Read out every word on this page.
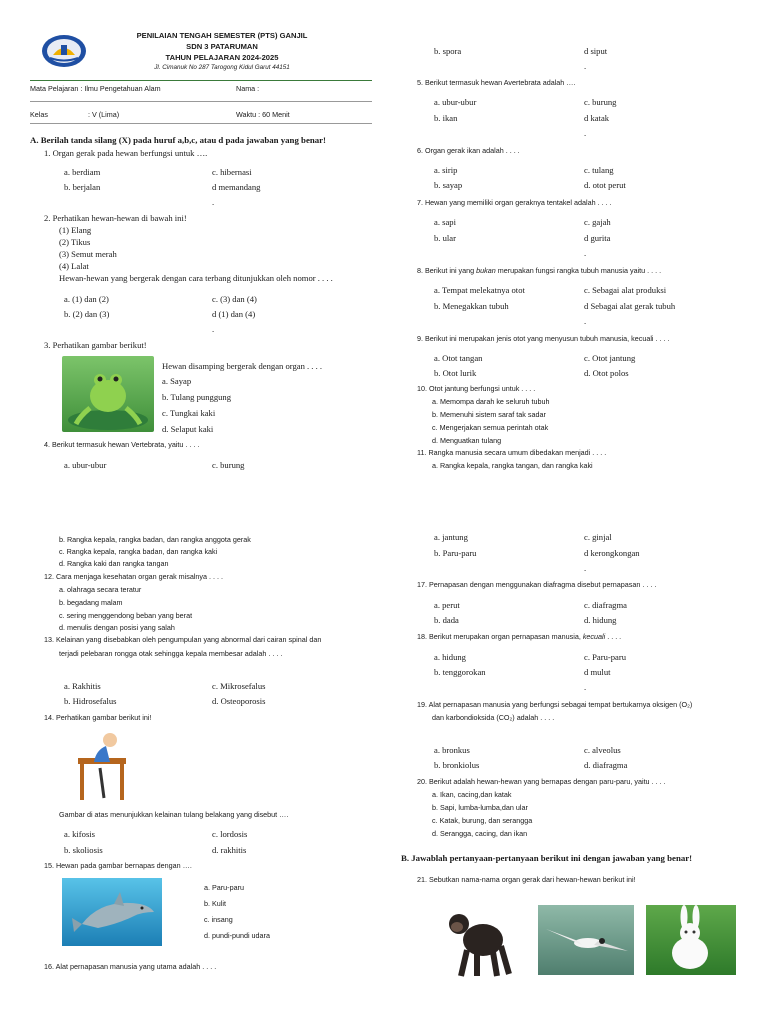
PENILAIAN TENGAH SEMESTER (PTS) GANJIL
SDN 3 PATARUMAN
TAHUN PELAJARAN 2024-2025
Jl. Cimanuk No 287 Tarogong Kidul Garut 44151
Mata Pelajaran : Ilmu Pengetahuan Alam	Nama :
Kelas	: V (Lima)	Waktu : 60 Menit
A. Berilah tanda silang (X) pada huruf a,b,c, atau d pada jawaban yang benar!
1. Organ gerak pada hewan berfungsi untuk ….
a. berdiam	c. hibernasi
b. berjalan	d memandang
.
2. Perhatikan hewan-hewan di bawah ini!
(1) Elang
(2) Tikus
(3) Semut merah
(4) Lalat
Hewan-hewan yang bergerak dengan cara terbang ditunjukkan oleh nomor . . . .
a. (1) dan (2)	c. (3) dan (4)
b. (2) dan (3)	d (1) dan (4)
.
3. Perhatikan gambar berikut!
Hewan disamping bergerak dengan organ . . . .
a. Sayap
b. Tulang punggung
c. Tungkai kaki
d. Selaput kaki
4. Berikut termasuk hewan Vertebrata, yaitu . . . .
a. ubur-ubur	c. burung
b. Rangka kepala, rangka badan, dan rangka anggota gerak
c. Rangka kepala, rangka badan, dan rangka kaki
d. Rangka kaki dan rangka tangan
12. Cara menjaga kesehatan organ gerak misalnya . . . .
a. olahraga secara teratur
b. begadang malam
c. sering menggendong beban yang berat
d. menulis dengan posisi yang salah
13. Kelainan yang disebabkan oleh pengumpulan yang abnormal dari cairan spinal dan
terjadi pelebaran rongga otak sehingga kepala membesar adalah . . . .
a. Rakhitis	c. Mikrosefalus
b. Hidrosefalus	d. Osteoporosis
14. Perhatikan gambar berikut ini!
Gambar di atas menunjukkan kelainan tulang belakang yang disebut ….
a. kifosis	c. lordosis
b. skoliosis	d. rakhitis
15. Hewan pada gambar bernapas dengan ….
a. Paru-paru
b. Kulit
c. insang
d. pundi-pundi udara
16. Alat pernapasan manusia yang utama adalah . . . .
b. spora	d siput
.
5. Berikut termasuk hewan Avertebrata adalah ….
a. ubur-ubur	c. burung
b. ikan	d katak
.
6. Organ gerak ikan adalah . . . .
a. sirip	c. tulang
b. sayap	d. otot perut
7. Hewan yang memiliki organ geraknya tentakel adalah . . . .
a. sapi	c. gajah
b. ular	d gurita
.
8. Berikut ini yang bukan merupakan fungsi rangka tubuh manusia yaitu . . . .
a. Tempat melekatnya otot	c. Sebagai alat produksi
b. Menegakkan tubuh	d Sebagai alat gerak tubuh
.
9. Berikut ini merupakan jenis otot yang menyusun tubuh manusia, kecuali . . . .
a. Otot tangan	c. Otot jantung
b. Otot lurik	d. Otot polos
10. Otot jantung berfungsi untuk . . . .
a. Memompa darah ke seluruh tubuh
b. Memenuhi sistem saraf tak sadar
c. Mengerjakan semua perintah otak
d. Menguatkan tulang
11. Rangka manusia secara umum dibedakan menjadi . . . .
a. Rangka kepala, rangka tangan, dan rangka kaki
a. jantung	c. ginjal
b. Paru-paru	d kerongkongan
.
17. Pernapasan dengan menggunakan diafragma disebut pernapasan . . . .
a. perut	c. diafragma
b. dada	d. hidung
18. Berikut merupakan organ pernapasan manusia, kecuali . . . .
a. hidung	c. Paru-paru
b. tenggorokan	d mulut
.
19. Alat pernapasan manusia yang berfungsi sebagai tempat bertukarnya oksigen (O₂)
dan karbondioksida (CO₂) adalah . . . .
a. bronkus	c. alveolus
b. bronkiolus	d. diafragma
20. Berikut adalah hewan-hewan yang bernapas dengan paru-paru, yaitu . . . .
a. Ikan, cacing,dan katak
b. Sapi, lumba-lumba,dan ular
c. Katak, burung, dan serangga
d. Serangga, cacing, dan ikan
B. Jawablah pertanyaan-pertanyaan berikut ini dengan jawaban yang benar!
21. Sebutkan nama-nama organ gerak dari hewan-hewan berikut ini!
